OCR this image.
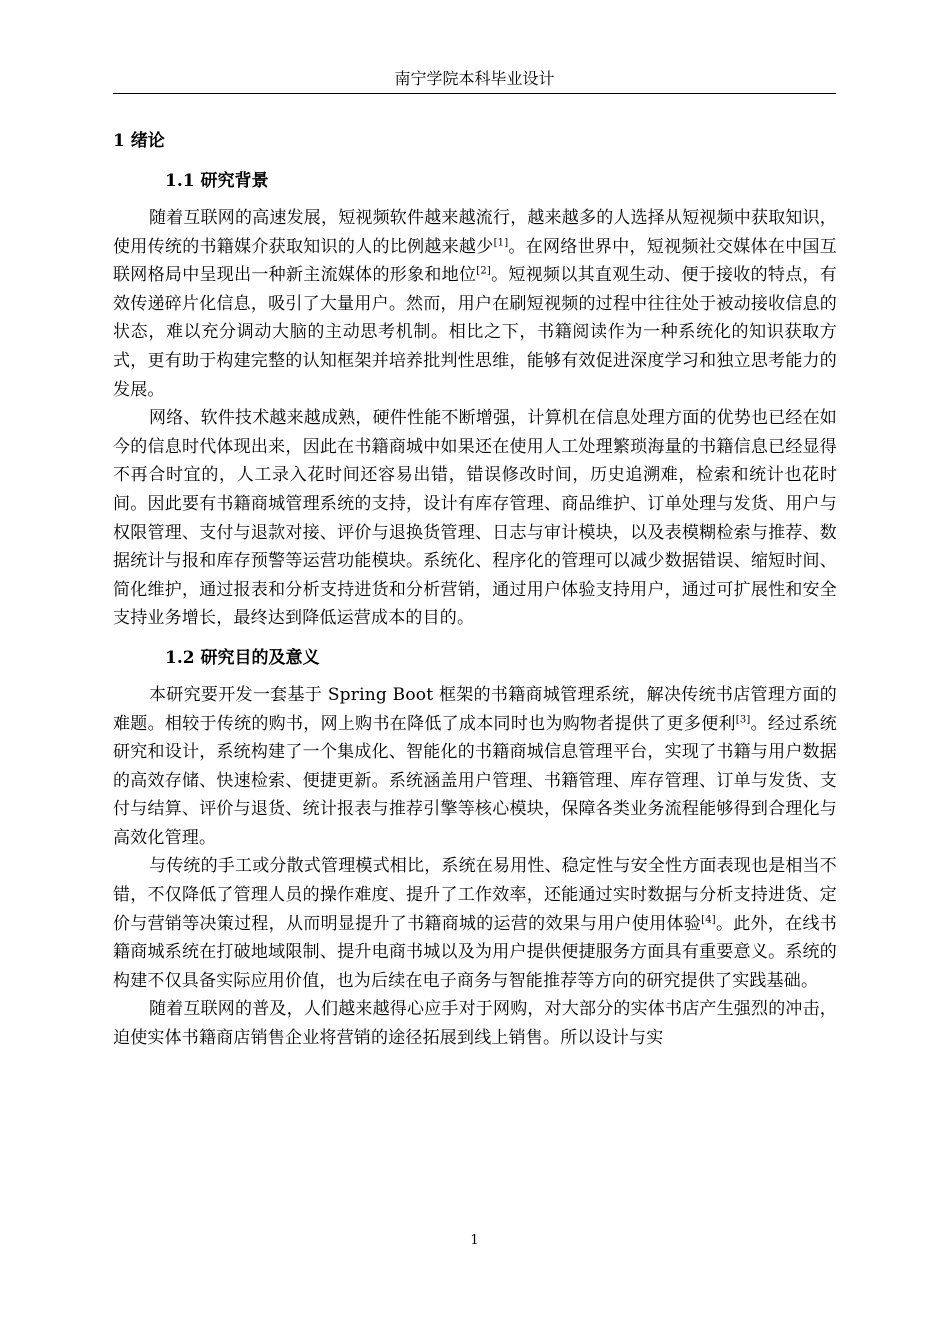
南宁学院本科毕业设计
1 绪论
1.1 研究背景

随着互联网的高速发展，短视频软件越来越流行，越来越多的人选择从短视频中获取知识，使用传统的书籍媒介获取知识的人的比例越来越少[1]。在网络世界中，短视频社交媒体在中国互联网格局中呈现出一种新主流媒体的形象和地位[2]。短视频以其直观生动、便于接收的特点，有效传递碎片化信息，吸引了大量用户。然而，用户在刷短视频的过程中往往处于被动接收信息的状态，难以充分调动大脑的主动思考机制。相比之下，书籍阅读作为一种系统化的知识获取方式，更有助于构建完整的认知框架并培养批判性思维，能够有效促进深度学习和独立思考能力的发展。

网络、软件技术越来越成熟，硬件性能不断增强，计算机在信息处理方面的优势也已经在如今的信息时代体现出来，因此在书籍商城中如果还在使用人工处理繁琐海量的书籍信息已经显得不再合时宜的，人工录入花时间还容易出错，错误修改时间，历史追溯难，检索和统计也花时间。因此要有书籍商城管理系统的支持，设计有库存管理、商品维护、订单处理与发货、用户与权限管理、支付与退款对接、评价与退换货管理、日志与审计模块，以及表模糊检索与推荐、数据统计与报和库存预警等运营功能模块。系统化、程序化的管理可以减少数据错误、缩短时间、简化维护，通过报表和分析支持进货和分析营销，通过用户体验支持用户，通过可扩展性和安全支持业务增长，最终达到降低运营成本的目的。

1.2 研究目的及意义

本研究要开发一套基于 Spring Boot 框架的书籍商城管理系统，解决传统书店管理方面的难题。相较于传统的购书，网上购书在降低了成本同时也为购物者提供了更多便利[3]。经过系统研究和设计，系统构建了一个集成化、智能化的书籍商城信息管理平台，实现了书籍与用户数据的高效存储、快速检索、便捷更新。系统涵盖用户管理、书籍管理、库存管理、订单与发货、支付与结算、评价与退货、统计报表与推荐引擎等核心模块，保障各类业务流程能够得到合理化与高效化管理。

与传统的手工或分散式管理模式相比，系统在易用性、稳定性与安全性方面表现也是相当不错，不仅降低了管理人员的操作难度、提升了工作效率，还能通过实时数据与分析支持进货、定价与营销等决策过程，从而明显提升了书籍商城的运营的效果与用户使用体验[4]。此外，在线书籍商城系统在打破地域限制、提升电商书城以及为用户提供便捷服务方面具有重要意义。系统的构建不仅具备实际应用价值，也为后续在电子商务与智能推荐等方向的研究提供了实践基础。

随着互联网的普及，人们越来越得心应手对于网购，对大部分的实体书店产生强烈的冲击，迫使实体书籍商店销售企业将营销的途径拓展到线上销售。所以设计与实

1
